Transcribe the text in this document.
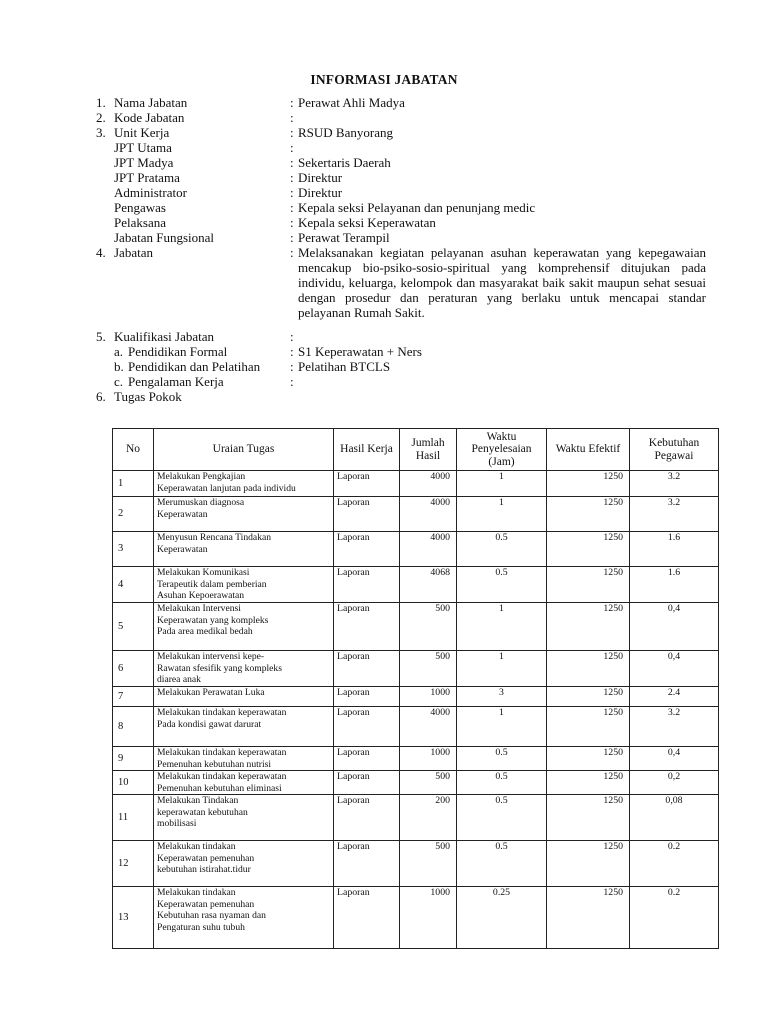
INFORMASI JABATAN
1. Nama Jabatan	: Perawat Ahli Madya
2. Kode Jabatan	:
3. Unit Kerja	: RSUD Banyorang
JPT Utama	:
JPT Madya	: Sekertaris Daerah
JPT Pratama	: Direktur
Administrator	: Direktur
Pengawas	: Kepala seksi Pelayanan dan penunjang medic
Pelaksana	: Kepala seksi Keperawatan
Jabatan Fungsional	: Perawat Terampil
4. Jabatan	: Melaksanakan kegiatan pelayanan asuhan keperawatan yang kepegawaian mencakup bio-psiko-sosio-spiritual yang komprehensif ditujukan pada individu, keluarga, kelompok dan masyarakat baik sakit maupun sehat sesuai dengan prosedur dan peraturan yang berlaku untuk mencapai standar pelayanan Rumah Sakit.
5. Kualifikasi Jabatan	:
a. Pendidikan Formal	: S1 Keperawatan + Ners
b. Pendidikan dan Pelatihan : Pelatihan BTCLS
c. Pengalaman Kerja	:
6. Tugas Pokok
No	Uraian Tugas	Hasil Kerja	Jumlah Hasil	Waktu Penyelesaian (Jam)	Waktu Efektif	Kebutuhan Pegawai
1	Melakukan Pengkajian
Keperawatan lanjutan pada individu	Laporan	4000	1	1250	3.2
2	Merumuskan diagnosa
Keperawatan	Laporan	4000	1	1250	3.2
3	Menyusun Rencana Tindakan
Keperawatan	Laporan	4000	0.5	1250	1.6
4	Melakukan Komunikasi
Terapeutik dalam pemberian
Asuhan Kepoerawatan	Laporan	4068	0.5	1250	1.6
5	Melakukan Intervensi
Keperawatan yang kompleks
Pada area medikal bedah	Laporan	500	1	1250	0,4
6	Melakukan intervensi kepe-
Rawatan sfesifik yang kompleks
diarea anak	Laporan	500	1	1250	0,4
7	Melakukan Perawatan Luka	Laporan	1000	3	1250	2.4
8	Melakukan tindakan keperawatan
Pada kondisi gawat darurat	Laporan	4000	1	1250	3.2
9	Melakukan tindakan keperawatan
Pemenuhan kebutuhan nutrisi	Laporan	1000	0.5	1250	0,4
10	Melakukan tindakan keperawatan
Pemenuhan kebutuhan eliminasi	Laporan	500	0.5	1250	0,2
11	Melakukan Tindakan
keperawatan kebutuhan
mobilisasi	Laporan	200	0.5	1250	0,08
12	Melakukan tindakan
Keperawatan pemenuhan
kebutuhan istirahat.tidur	Laporan	500	0.5	1250	0.2
13	Melakukan tindakan
Keperawatan pemenuhan
Kebutuhan rasa nyaman dan
Pengaturan suhu tubuh	Laporan	1000	0.25	1250	0.2
